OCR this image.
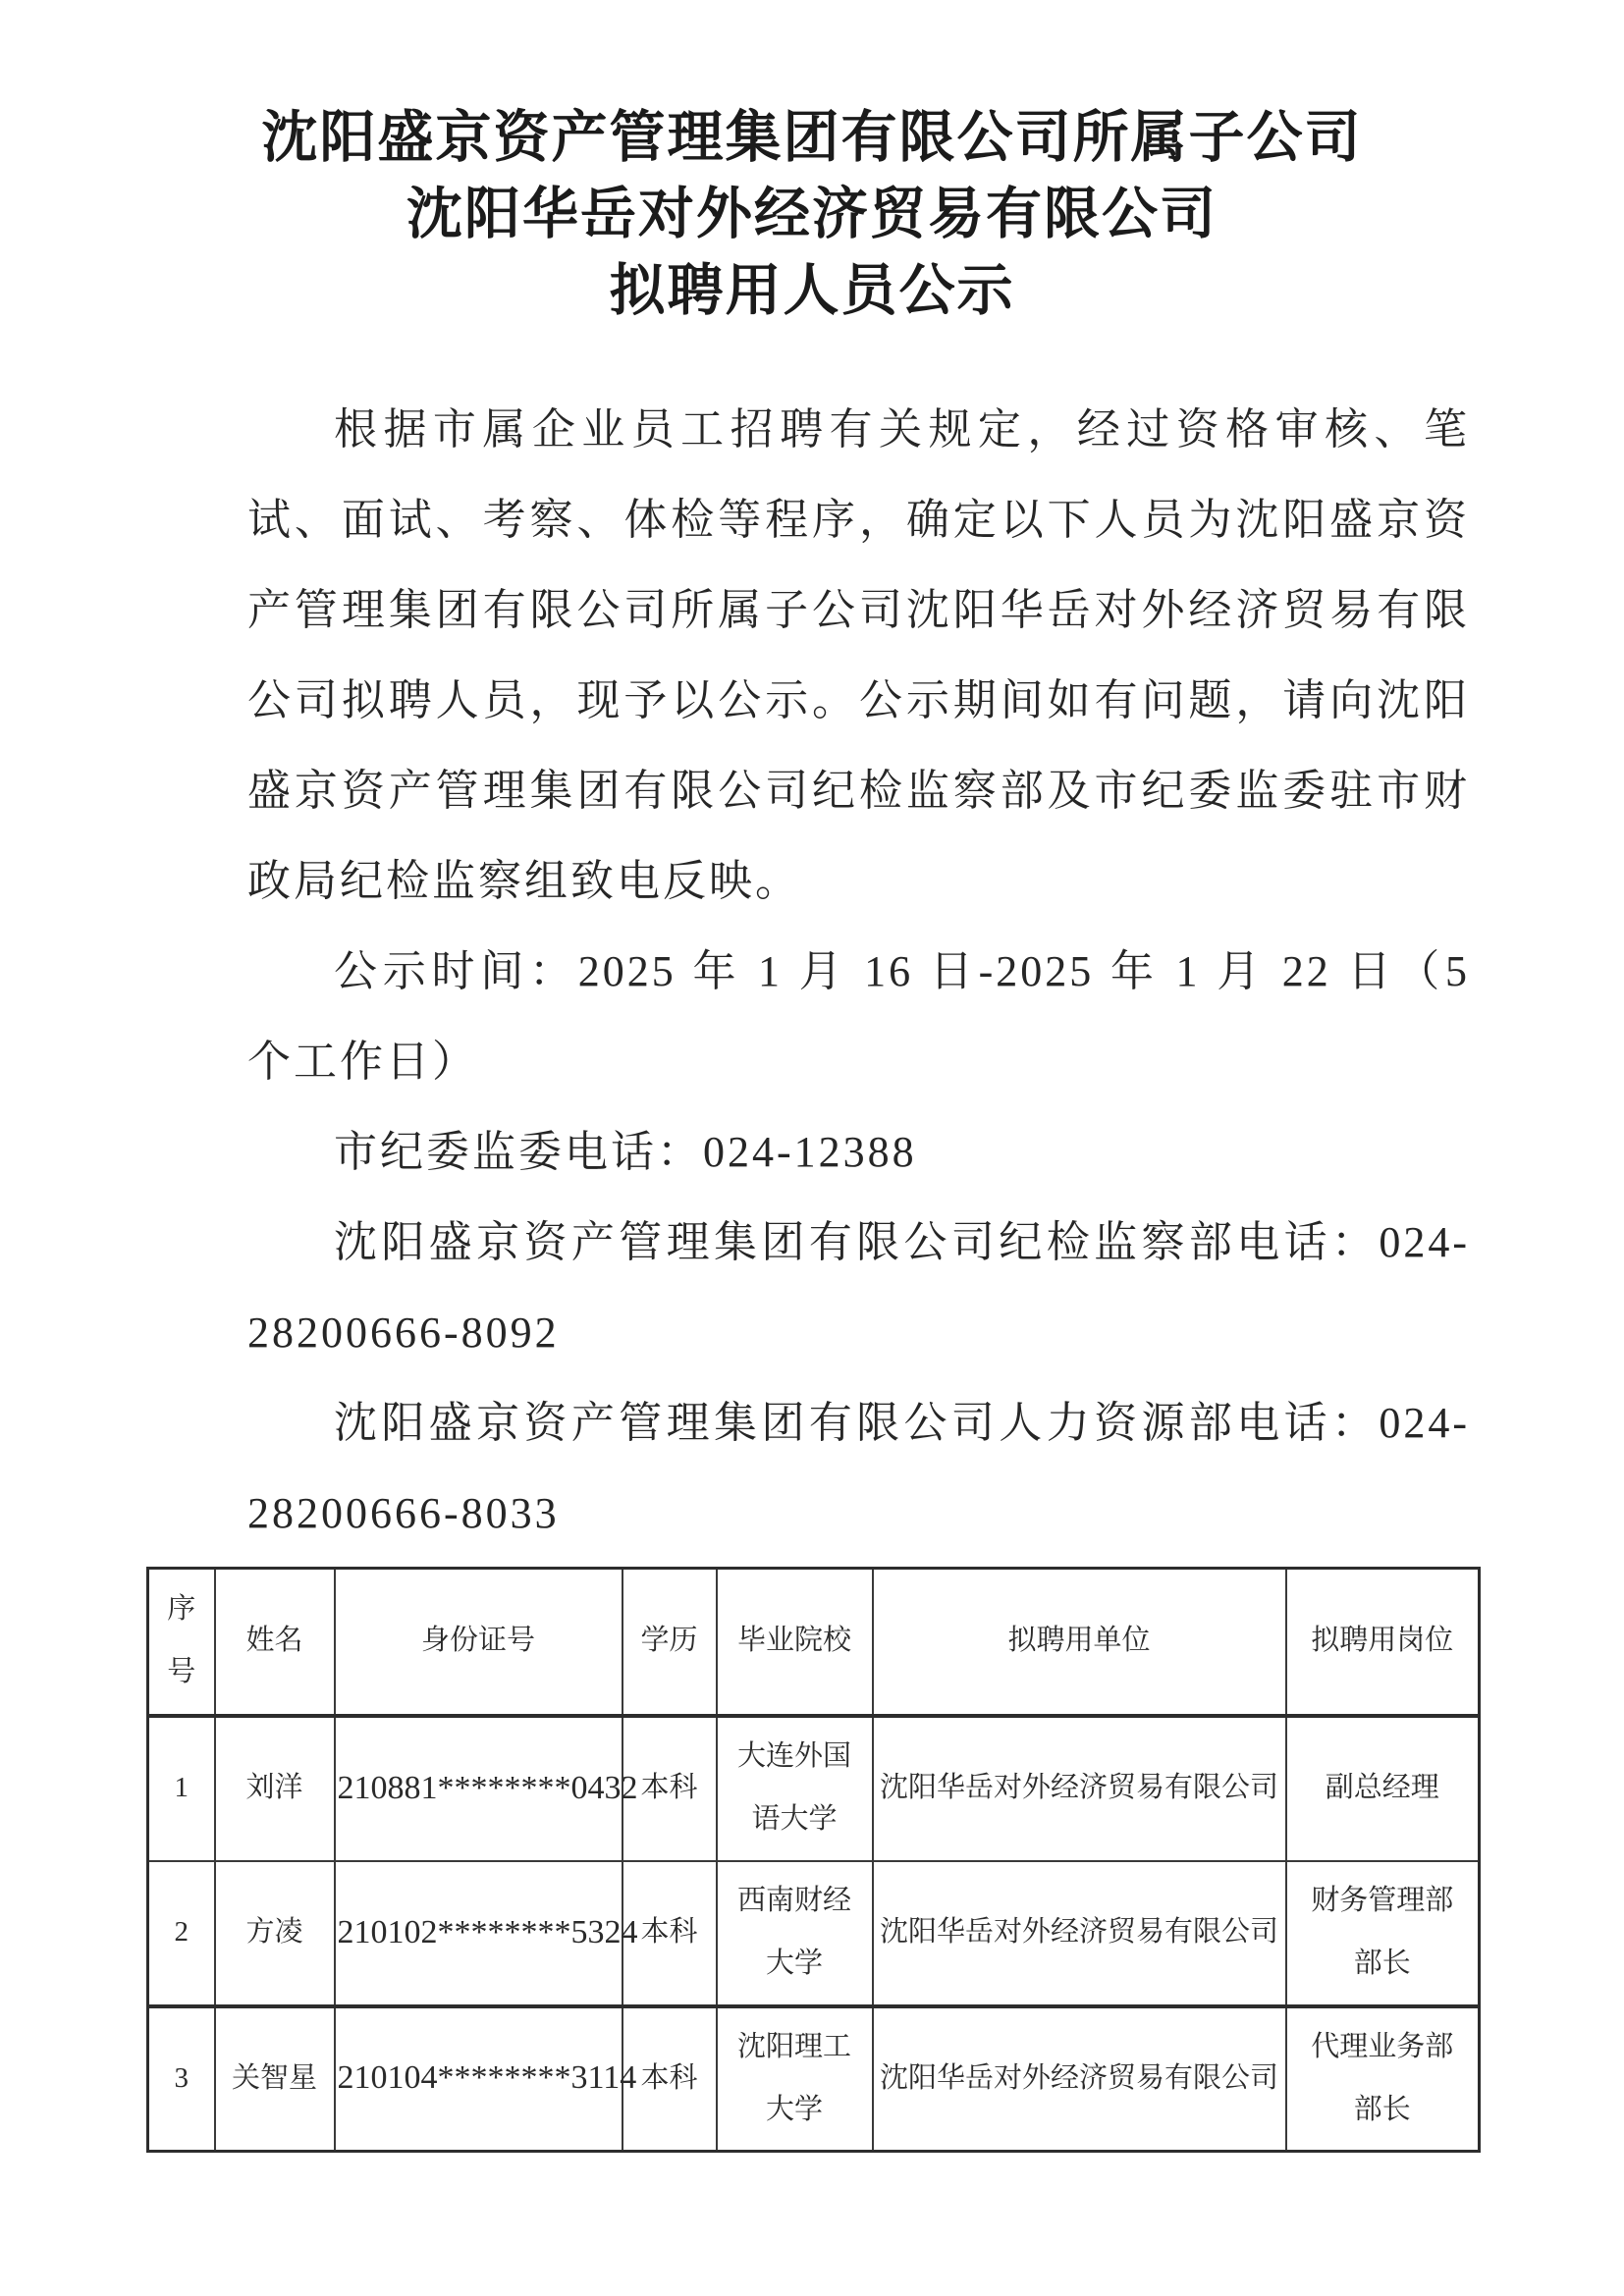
沈阳盛京资产管理集团有限公司所属子公司
沈阳华岳对外经济贸易有限公司
拟聘用人员公示

根据市属企业员工招聘有关规定，经过资格审核、笔试、面试、考察、体检等程序，确定以下人员为沈阳盛京资产管理集团有限公司所属子公司沈阳华岳对外经济贸易有限公司拟聘人员，现予以公示。公示期间如有问题，请向沈阳盛京资产管理集团有限公司纪检监察部及市纪委监委驻市财政局纪检监察组致电反映。

公示时间：2025 年 1 月 16 日-2025 年 1 月 22 日（5 个工作日）

市纪委监委电话：024-12388

沈阳盛京资产管理集团有限公司纪检监察部电话：024-28200666-8092

沈阳盛京资产管理集团有限公司人力资源部电话：024-28200666-8033

序号	姓名	身份证号	学历	毕业院校	拟聘用单位	拟聘用岗位
1	刘洋	210881********0432	本科	大连外国语大学	沈阳华岳对外经济贸易有限公司	副总经理
2	方凌	210102********5324	本科	西南财经大学	沈阳华岳对外经济贸易有限公司	财务管理部部长
3	关智星	210104********3114	本科	沈阳理工大学	沈阳华岳对外经济贸易有限公司	代理业务部部长
